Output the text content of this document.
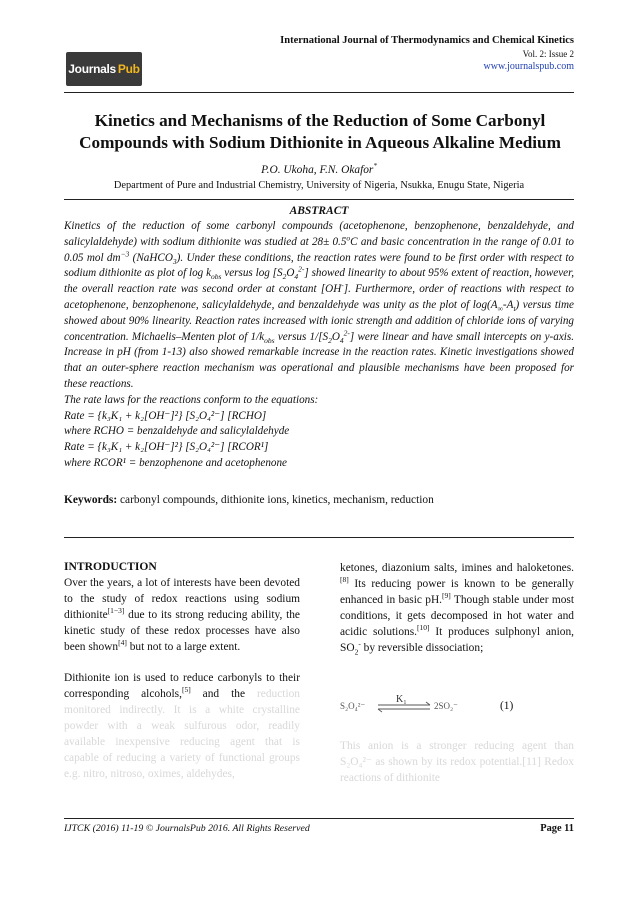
Journals Pub
International Journal of Thermodynamics and Chemical Kinetics
Vol. 2: Issue 2
www.journalspub.com
Kinetics and Mechanisms of the Reduction of Some Carbonyl Compounds with Sodium Dithionite in Aqueous Alkaline Medium
P.O. Ukoha, F.N. Okafor*
Department of Pure and Industrial Chemistry, University of Nigeria, Nsukka, Enugu State, Nigeria
ABSTRACT

Kinetics of the reduction of some carbonyl compounds (acetophenone, benzophenone, benzaldehyde, and salicylaldehyde) with sodium dithionite was studied at $28\pm 0.5^oC$ and basic concentration in the range of 0.01 to 0.05 mol $dm^{-3}$ (NaHCO$_3$). Under these conditions, the reaction rates were found to be first order with respect to sodium dithionite as plot of $\log k_{obs}$ versus $\log [S_2O_4^{2-}]$ showed linearity to about 95% extent of reaction, however, the overall reaction rate was second order at constant [OH-]. Furthermore, order of reactions with respect to acetophenone, benzophenone, salicylaldehyde, and benzaldehyde was unity as the plot of $\log(A_\infty-A_t)$ versus time showed about 90% linearity. Reaction rates increased with ionic strength and addition of chloride ions of varying concentration. Michaelis–Menten plot of $1/k_{obs}$ versus $1/[S_2O_4^{2-}]$ were linear and have small intercepts on y-axis. Increase in pH (from 1-13) also showed remarkable increase in the reaction rates. Kinetic investigations showed that an outer-sphere reaction mechanism was operational and plausible mechanisms have been proposed for these reactions.

The rate laws for the reactions conform to the equations:

Rate = {k₃K₁ + k₂[OH⁻]²} [S₂O₄²⁻] [RCHO]

where RCHO = benzaldehyde and salicylaldehyde

Rate = {k₃K₁ + k₂[OH⁻]²} [S₂O₄²⁻] [RCOR¹]

where RCOR¹ = benzophenone and acetophenone

Keywords: carbonyl compounds, dithionite ions, kinetics, mechanism, reduction
INTRODUCTION

Over the years, a lot of interests have been devoted to the study of redox reactions using sodium dithionite[1−3] due to its strong reducing ability, the kinetic study of these redox processes have also been shown[4] but not to a large extent.

Dithionite ion is used to reduce carbonyls to their corresponding alcohols,[5] and the reduction monitored indirectly. It is a white crystalline powder with a weak sulfurous odor, readily available inexpensive reducing agent that is capable of reducing a variety of functional groups e.g. nitro, nitroso, oximes, aldehydes,

ketones, diazonium salts, imines and haloketones.[8] Its reducing power is known to be generally enhanced in basic pH.[9] Though stable under most conditions, it gets decomposed in hot water and acidic solutions.[10] It produces sulphonyl anion, $SO_2^-$ by reversible dissociation;

S₂O₄²⁻
K₁
2SO₂⁻	(1)
This anion is a stronger reducing agent than S₂O₄²⁻ as shown by its redox potential.[11] Redox reactions of dithionite
IJTCK (2016) 11-19 © JournalsPub 2016. All Rights Reserved	Page 11
